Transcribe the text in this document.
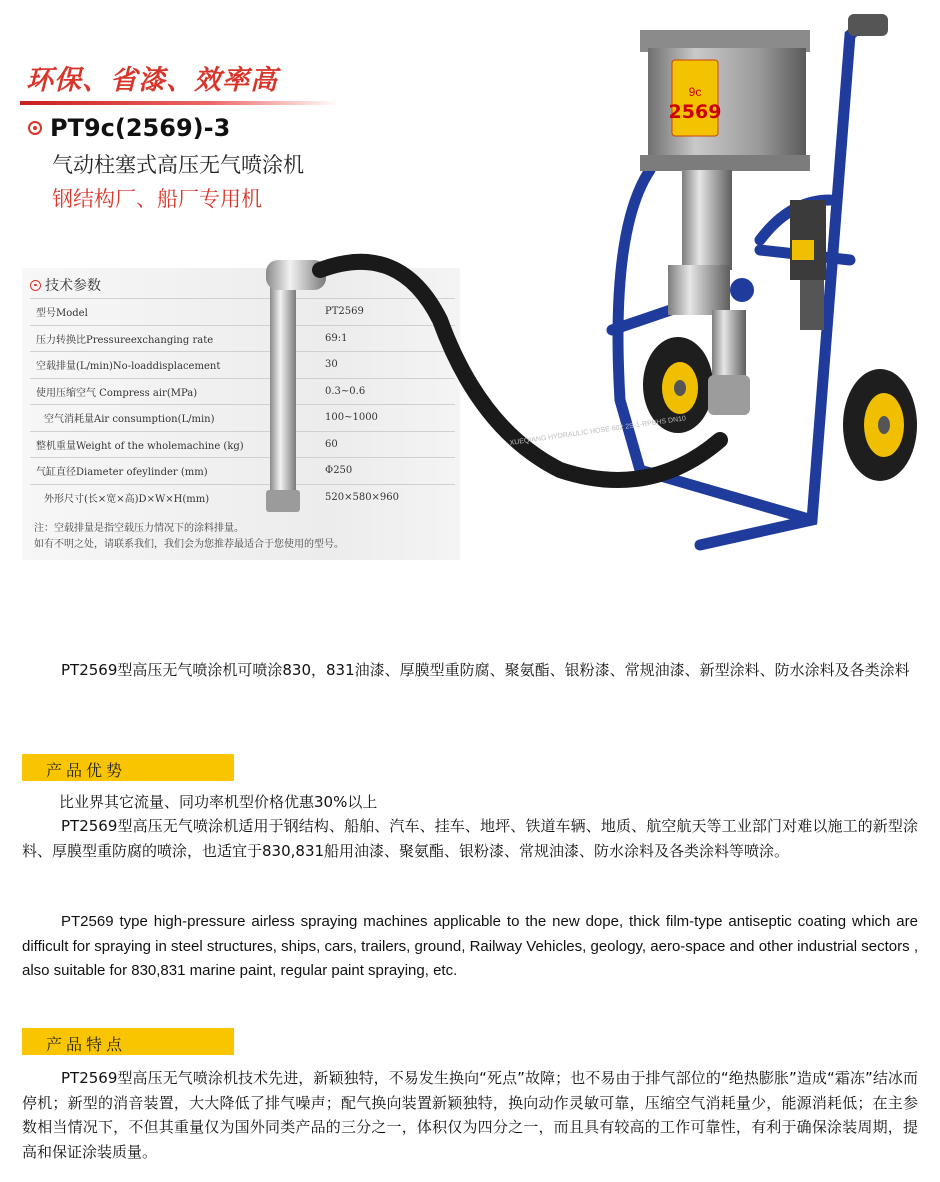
环保、省漆、效率高
PT9c(2569)-3
气动柱塞式高压无气喷涂机
钢结构厂、船厂专用机
技术参数
型号Model	PT2569
压力转换比Pressureexchanging rate	69:1
空载排量(L/min)No-loaddisplacement	30
使用压缩空气 Compress air(MPa)	0.3~0.6
空气消耗量Air consumption(L/min)	100~1000
整机重量Weight of the wholemachine (kg)	60
气缸直径Diameter ofeylinder (mm)	Φ250
外形尺寸(长×宽×高)D×W×H(mm)	520×580×960
注：空载排量是指空载压力情况下的涂料排量。
如有不明之处，请联系我们，我们会为您推荐最适合于您使用的型号。
9c
2569
XUEQIANG HYDRAULIC HOSE 602 2S-1-RPBHS DN10
PT2569型高压无气喷涂机可喷涂830，831油漆、厚膜型重防腐、聚氨酯、银粉漆、常规油漆、新型涂料、防水涂料及各类涂料
产品优势
比业界其它流量、同功率机型价格优惠30%以上
PT2569型高压无气喷涂机适用于钢结构、船舶、汽车、挂车、地坪、铁道车辆、地质、航空航天等工业部门对难以施工的新型涂料、厚膜型重防腐的喷涂，也适宜于830,831船用油漆、聚氨酯、银粉漆、常规油漆、防水涂料及各类涂料等喷涂。
PT2569 type high-pressure airless spraying machines applicable to the new dope, thick film-type antiseptic coating which are difficult for spraying in steel structures, ships, cars, trailers, ground, Railway Vehicles, geology, aero-space and other industrial sectors , also suitable for 830,831 marine paint, regular paint spraying, etc.
产品特点
PT2569型高压无气喷涂机技术先进，新颖独特，不易发生换向“死点”故障；也不易由于排气部位的“绝热膨胀”造成“霜冻”结冰而停机；新型的消音装置，大大降低了排气噪声；配气换向装置新颖独特，换向动作灵敏可靠，压缩空气消耗量少，能源消耗低；在主参数相当情况下，不但其重量仅为国外同类产品的三分之一，体积仅为四分之一，而且具有较高的工作可靠性，有利于确保涂装周期，提高和保证涂装质量。
